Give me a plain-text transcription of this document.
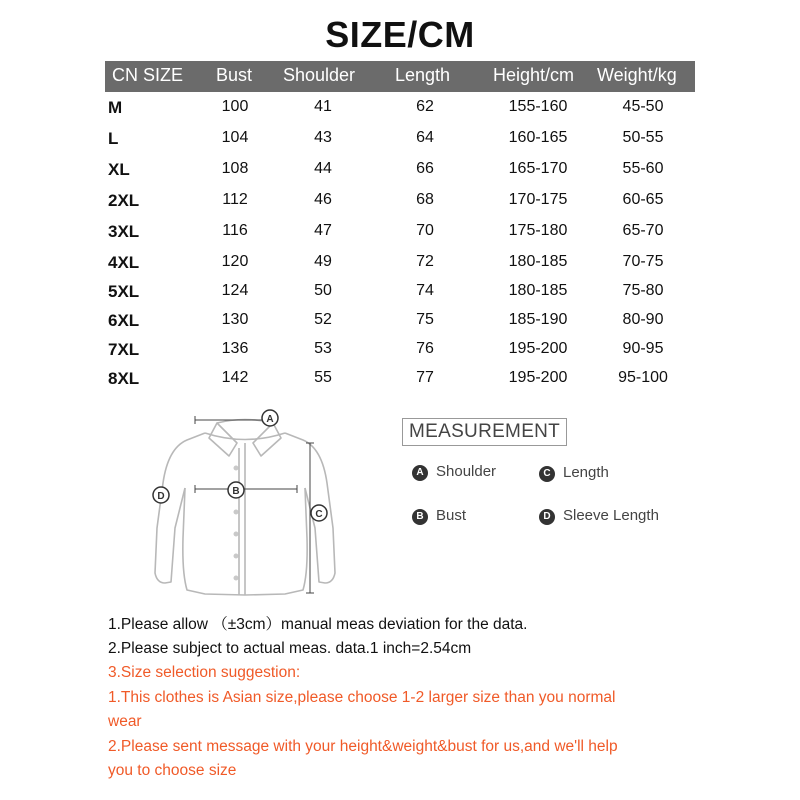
SIZE/CM
CN SIZE Bust Shoulder Length Height/cm Weight/kg
M	100	41	62	155-160	45-50
L	104	43	64	160-165	50-55
XL	108	44	66	165-170	55-60
2XL	112	46	68	170-175	60-65
3XL	116	47	70	175-180	65-70
4XL	120	49	72	180-185	70-75
5XL	124	50	74	180-185	75-80
6XL	130	52	75	185-190	80-90
7XL	136	53	76	195-200	90-95
8XL	142	55	77	195-200	95-100
A
B
C
D
MEASUREMENT
A Shoulder	C Length
B Bust	D Sleeve Length
1.Please allow （±3cm）manual meas deviation for the data.
2.Please subject to actual meas. data.1 inch=2.54cm
3.Size selection suggestion:
1.This clothes is Asian size,please choose 1-2 larger size than you normal
wear
2.Please sent message with your height&weight&bust for us,and we'll help
you to choose size
